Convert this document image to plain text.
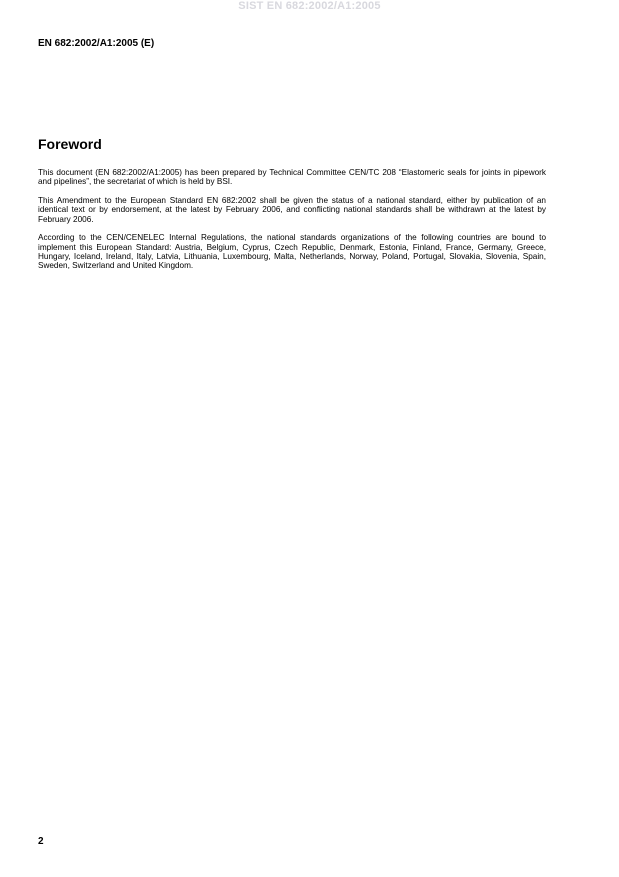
SIST EN 682:2002/A1:2005
EN 682:2002/A1:2005 (E)
Foreword

This document (EN 682:2002/A1:2005) has been prepared by Technical Committee CEN/TC 208 “Elastomeric seals for joints in pipework and pipelines”, the secretariat of which is held by BSI.

This Amendment to the European Standard EN 682:2002 shall be given the status of a national standard, either by publication of an identical text or by endorsement, at the latest by February 2006, and conflicting national standards shall be withdrawn at the latest by February 2006.

According to the CEN/CENELEC Internal Regulations, the national standards organizations of the following countries are bound to implement this European Standard: Austria, Belgium, Cyprus, Czech Republic, Denmark, Estonia, Finland, France, Germany, Greece, Hungary, Iceland, Ireland, Italy, Latvia, Lithuania, Luxembourg, Malta, Netherlands, Norway, Poland, Portugal, Slovakia, Slovenia, Spain, Sweden, Switzerland and United Kingdom.

2
